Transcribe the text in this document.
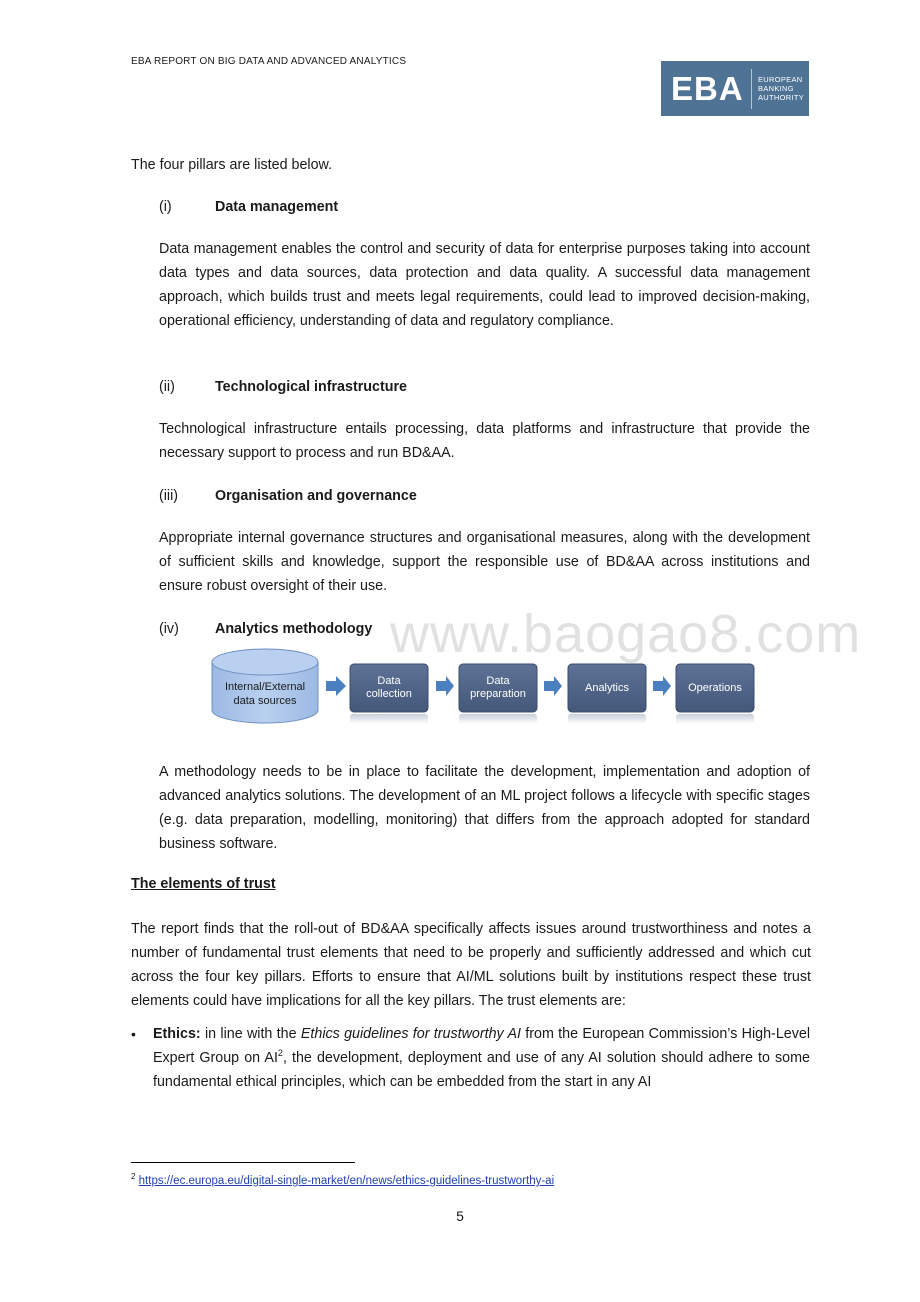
EBA REPORT ON BIG DATA AND ADVANCED ANALYTICS
EBA	EUROPEAN
BANKING
AUTHORITY
The four pillars are listed below.
(i)	Data management
Data management enables the control and security of data for enterprise purposes taking into account data types and data sources, data protection and data quality. A successful data management approach, which builds trust and meets legal requirements, could lead to improved decision-making, operational efficiency, understanding of data and regulatory compliance.
(ii)	Technological infrastructure
Technological infrastructure entails processing, data platforms and infrastructure that provide the necessary support to process and run BD&AA.
(iii)	Organisation and governance
Appropriate internal governance structures and organisational measures, along with the development of sufficient skills and knowledge, support the responsible use of BD&AA across institutions and ensure robust oversight of their use.
www.baogao8.com
(iv)	Analytics methodology
Internal/External
data sources
Data
collection
Data
preparation	Analytics	Operations
A methodology needs to be in place to facilitate the development, implementation and adoption of advanced analytics solutions. The development of an ML project follows a lifecycle with specific stages (e.g. data preparation, modelling, monitoring) that differs from the approach adopted for standard business software.
The elements of trust
The report finds that the roll-out of BD&AA specifically affects issues around trustworthiness and notes a number of fundamental trust elements that need to be properly and sufficiently addressed and which cut across the four key pillars. Efforts to ensure that AI/ML solutions built by institutions respect these trust elements could have implications for all the key pillars. The trust elements are:
• Ethics: in line with the Ethics guidelines for trustworthy AI from the European Commission’s High-Level Expert Group on $AI^2$, the development, deployment and use of any AI solution should adhere to some fundamental ethical principles, which can be embedded from the start in any AI
$^2$ https://ec.europa.eu/digital-single-market/en/news/ethics-guidelines-trustworthy-ai
5
